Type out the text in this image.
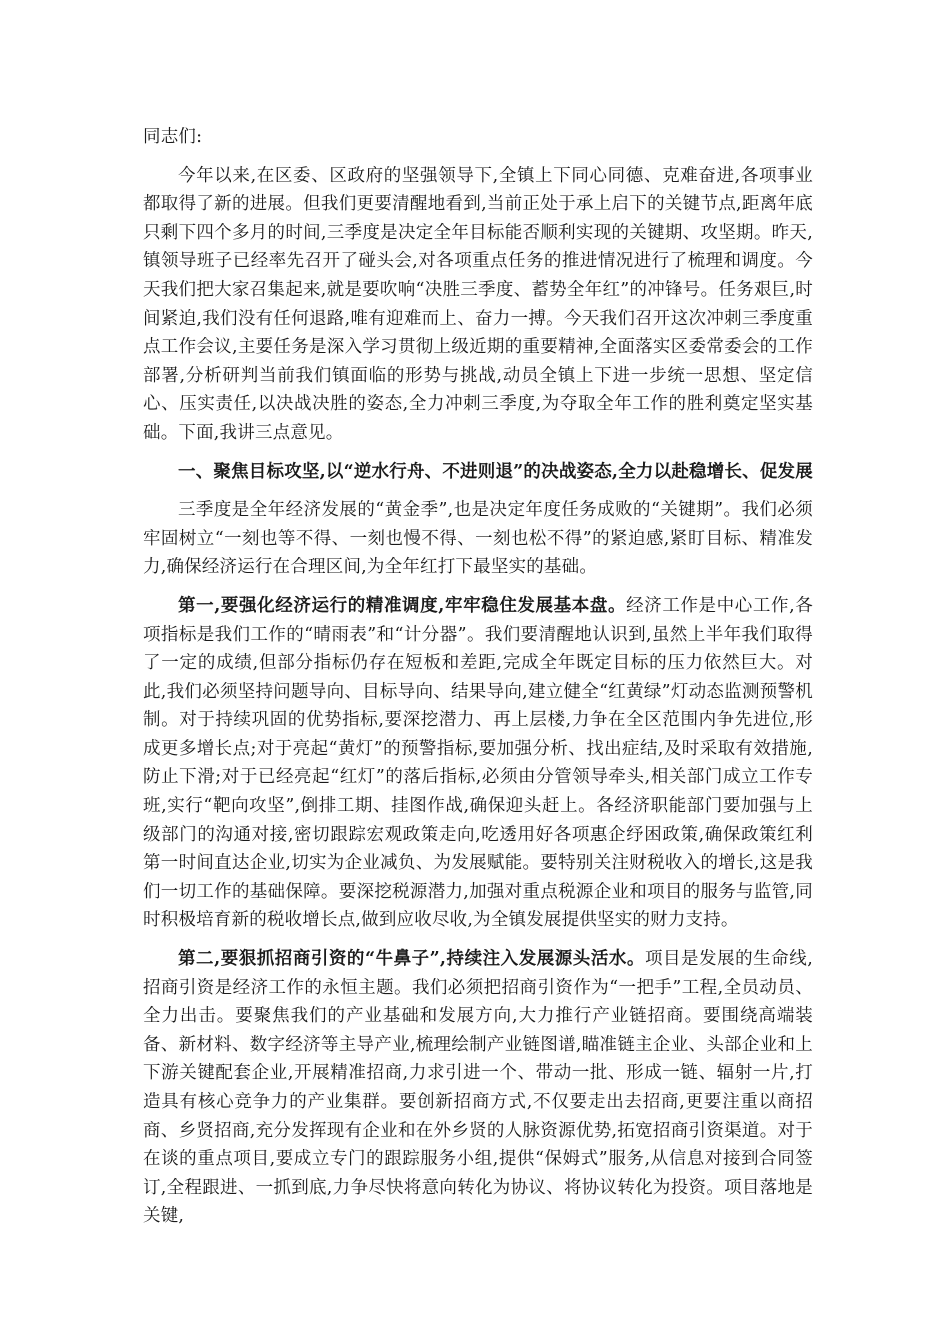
同志们:

今年以来,在区委、区政府的坚强领导下,全镇上下同心同德、克难奋进,各项事业都取得了新的进展。但我们更要清醒地看到,当前正处于承上启下的关键节点,距离年底只剩下四个多月的时间,三季度是决定全年目标能否顺利实现的关键期、攻坚期。昨天,镇领导班子已经率先召开了碰头会,对各项重点任务的推进情况进行了梳理和调度。今天我们把大家召集起来,就是要吹响“决胜三季度、蓄势全年红”的冲锋号。任务艰巨,时间紧迫,我们没有任何退路,唯有迎难而上、奋力一搏。今天我们召开这次冲刺三季度重点工作会议,主要任务是深入学习贯彻上级近期的重要精神,全面落实区委常委会的工作部署,分析研判当前我们镇面临的形势与挑战,动员全镇上下进一步统一思想、坚定信心、压实责任,以决战决胜的姿态,全力冲刺三季度,为夺取全年工作的胜利奠定坚实基础。下面,我讲三点意见。

一、聚焦目标攻坚,以“逆水行舟、不进则退”的决战姿态,全力以赴稳增长、促发展

三季度是全年经济发展的“黄金季”,也是决定年度任务成败的“关键期”。我们必须牢固树立“一刻也等不得、一刻也慢不得、一刻也松不得”的紧迫感,紧盯目标、精准发力,确保经济运行在合理区间,为全年红打下最坚实的基础。

第一,要强化经济运行的精准调度,牢牢稳住发展基本盘。经济工作是中心工作,各项指标是我们工作的“晴雨表”和“计分器”。我们要清醒地认识到,虽然上半年我们取得了一定的成绩,但部分指标仍存在短板和差距,完成全年既定目标的压力依然巨大。对此,我们必须坚持问题导向、目标导向、结果导向,建立健全“红黄绿”灯动态监测预警机制。对于持续巩固的优势指标,要深挖潜力、再上层楼,力争在全区范围内争先进位,形成更多增长点;对于亮起“黄灯”的预警指标,要加强分析、找出症结,及时采取有效措施,防止下滑;对于已经亮起“红灯”的落后指标,必须由分管领导牵头,相关部门成立工作专班,实行“靶向攻坚”,倒排工期、挂图作战,确保迎头赶上。各经济职能部门要加强与上级部门的沟通对接,密切跟踪宏观政策走向,吃透用好各项惠企纾困政策,确保政策红利第一时间直达企业,切实为企业减负、为发展赋能。要特别关注财税收入的增长,这是我们一切工作的基础保障。要深挖税源潜力,加强对重点税源企业和项目的服务与监管,同时积极培育新的税收增长点,做到应收尽收,为全镇发展提供坚实的财力支持。

第二,要狠抓招商引资的“牛鼻子”,持续注入发展源头活水。项目是发展的生命线,招商引资是经济工作的永恒主题。我们必须把招商引资作为“一把手”工程,全员动员、全力出击。要聚焦我们的产业基础和发展方向,大力推行产业链招商。要围绕高端装备、新材料、数字经济等主导产业,梳理绘制产业链图谱,瞄准链主企业、头部企业和上下游关键配套企业,开展精准招商,力求引进一个、带动一批、形成一链、辐射一片,打造具有核心竞争力的产业集群。要创新招商方式,不仅要走出去招商,更要注重以商招商、乡贤招商,充分发挥现有企业和在外乡贤的人脉资源优势,拓宽招商引资渠道。对于在谈的重点项目,要成立专门的跟踪服务小组,提供“保姆式”服务,从信息对接到合同签订,全程跟进、一抓到底,力争尽快将意向转化为协议、将协议转化为投资。项目落地是关键,
